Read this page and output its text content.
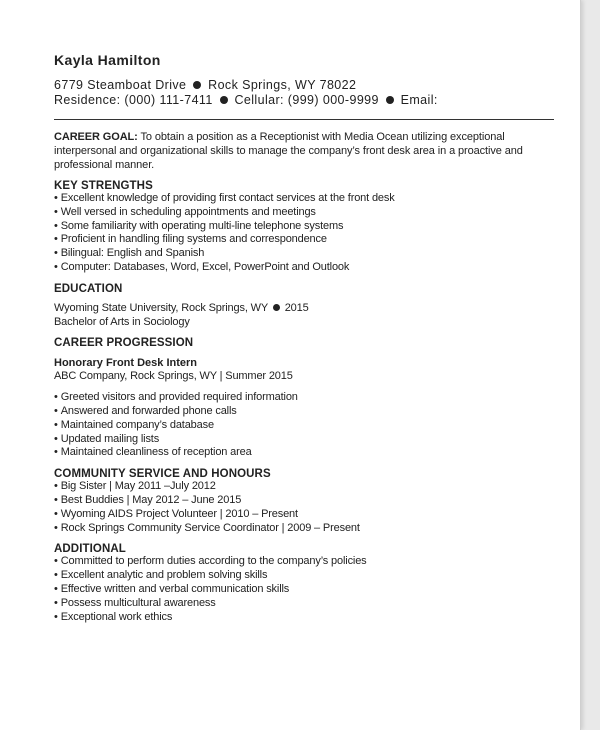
Kayla Hamilton
6779 Steamboat Drive Rock Springs, WY 78022
Residence: (000) 111-7411 Cellular: (999) 000-9999 Email:
CAREER GOAL: To obtain a position as a Receptionist with Media Ocean utilizing exceptional interpersonal and organizational skills to manage the company’s front desk area in a proactive and professional manner.
KEY STRENGTHS
• Excellent knowledge of providing first contact services at the front desk
• Well versed in scheduling appointments and meetings
• Some familiarity with operating multi-line telephone systems
• Proficient in handling filing systems and correspondence
• Bilingual: English and Spanish
• Computer: Databases, Word, Excel, PowerPoint and Outlook
EDUCATION
Wyoming State University, Rock Springs, WY 2015
Bachelor of Arts in Sociology
CAREER PROGRESSION
Honorary Front Desk Intern
ABC Company, Rock Springs, WY | Summer 2015
• Greeted visitors and provided required information
• Answered and forwarded phone calls
• Maintained company’s database
• Updated mailing lists
• Maintained cleanliness of reception area
COMMUNITY SERVICE AND HONOURS
• Big Sister | May 2011 –July 2012
• Best Buddies | May 2012 – June 2015
• Wyoming AIDS Project Volunteer | 2010 – Present
• Rock Springs Community Service Coordinator | 2009 – Present
ADDITIONAL
• Committed to perform duties according to the company’s policies
• Excellent analytic and problem solving skills
• Effective written and verbal communication skills
• Possess multicultural awareness
• Exceptional work ethics
